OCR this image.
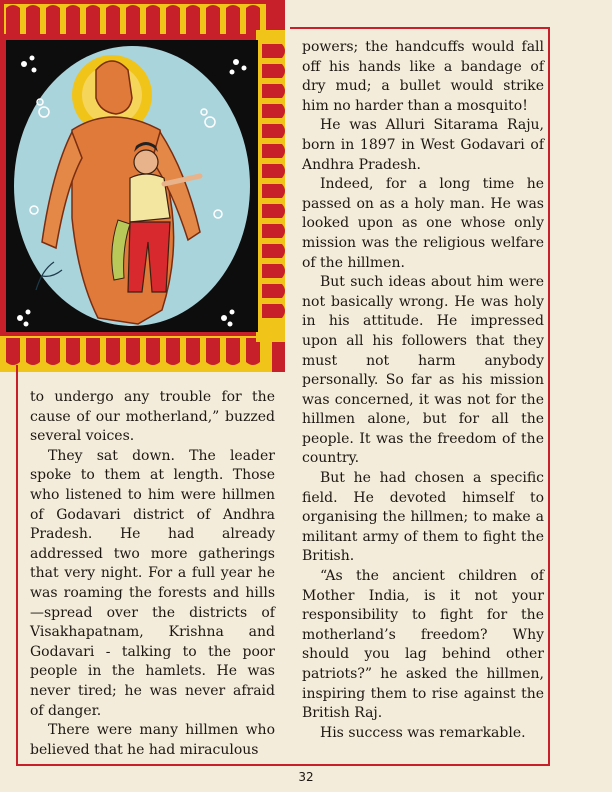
to undergo any trouble for the cause of our motherland,” buzzed several voices.

They sat down. The leader spoke to them at length. Those who listened to him were hillmen of Godavari district of Andhra Pradesh. He had already addressed two more gatherings that very night. For a full year he was roaming the forests and hills—spread over the districts of Visakhapatnam, Krishna and Godavari - talking to the poor people in the hamlets. He was never tired; he was never afraid of danger.

There were many hillmen who believed that he had miraculous

powers; the handcuffs would fall off his hands like a bandage of dry mud; a bullet would strike him no harder than a mosquito!

He was Alluri Sitarama Raju, born in 1897 in West Godavari of Andhra Pradesh.

Indeed, for a long time he passed on as a holy man. He was looked upon as one whose only mission was the religious welfare of the hillmen.

But such ideas about him were not basically wrong. He was holy in his attitude. He impressed upon all his followers that they must not harm anybody personally. So far as his mission was concerned, it was not for the hillmen alone, but for all the people. It was the freedom of the country.

But he had chosen a specific field. He devoted himself to organising the hillmen; to make a militant army of them to fight the British.

“As the ancient children of Mother India, is it not your responsibility to fight for the motherland’s freedom? Why should you lag behind other patriots?” he asked the hillmen, inspiring them to rise against the British Raj.

His success was remarkable.

32
